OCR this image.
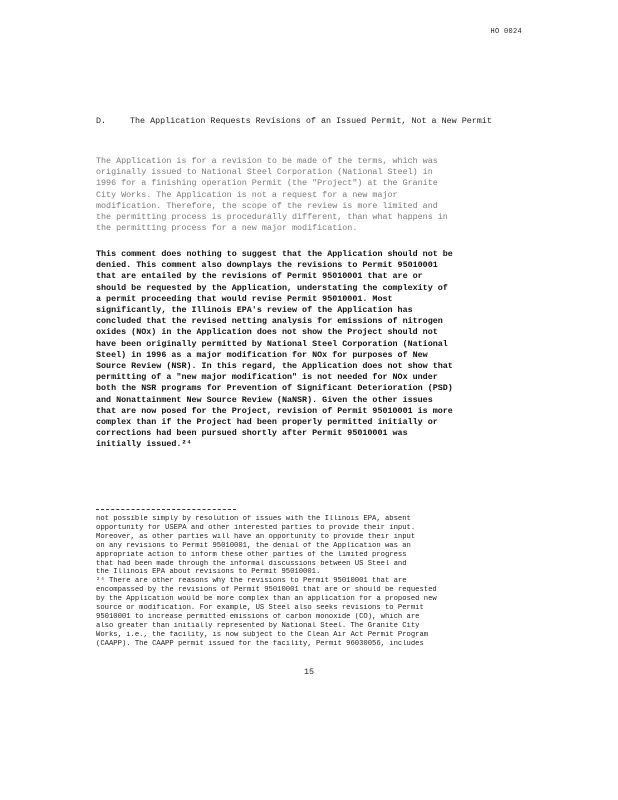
HO 0024
D.	The Application Requests Revisions of an Issued Permit, Not a New Permit
The Application is for a revision to be made of the terms, which was
originally issued to National Steel Corporation (National Steel) in
1996 for a finishing operation Permit (the "Project") at the Granite
City Works. The Application is not a request for a new major
modification. Therefore, the scope of the review is more limited and
the permitting process is procedurally different, than what happens in
the permitting process for a new major modification.
This comment does nothing to suggest that the Application should not be
denied. This comment also downplays the revisions to Permit 95010001
that are entailed by the revisions of Permit 95010001 that are or
should be requested by the Application, understating the complexity of
a permit proceeding that would revise Permit 95010001. Most
significantly, the Illinois EPA's review of the Application has
concluded that the revised netting analysis for emissions of nitrogen
oxides (NOx) in the Application does not show the Project should not
have been originally permitted by National Steel Corporation (National
Steel) in 1996 as a major modification for NOx for purposes of New
Source Review (NSR). In this regard, the Application does not show that
permitting of a "new major modification" is not needed for NOx under
both the NSR programs for Prevention of Significant Deterioration (PSD)
and Nonattainment New Source Review (NaNSR). Given the other issues
that are now posed for the Project, revision of Permit 95010001 is more
complex than if the Project had been properly permitted initially or
corrections had been pursued shortly after Permit 95010001 was
initially issued.²⁴
not possible simply by resolution of issues with the Illinois EPA, absent
opportunity for USEPA and other interested parties to provide their input.
Moreover, as other parties will have an opportunity to provide their input
on any revisions to Permit 95010001, the denial of the Application was an
appropriate action to inform these other parties of the limited progress
that had been made through the informal discussions between US Steel and
the Illinois EPA about revisions to Permit 95010001.
²⁴ There are other reasons why the revisions to Permit 95010001 that are
encompassed by the revisions of Permit 95010001 that are or should be requested
by the Application would be more complex than an application for a proposed new
source or modification. For example, US Steel also seeks revisions to Permit
95010001 to increase permitted emissions of carbon monoxide (CO), which are
also greater than initially represented by National Steel. The Granite City
Works, i.e., the facility, is now subject to the Clean Air Act Permit Program
(CAAPP). The CAAPP permit issued for the facility, Permit 96030056, includes
15
